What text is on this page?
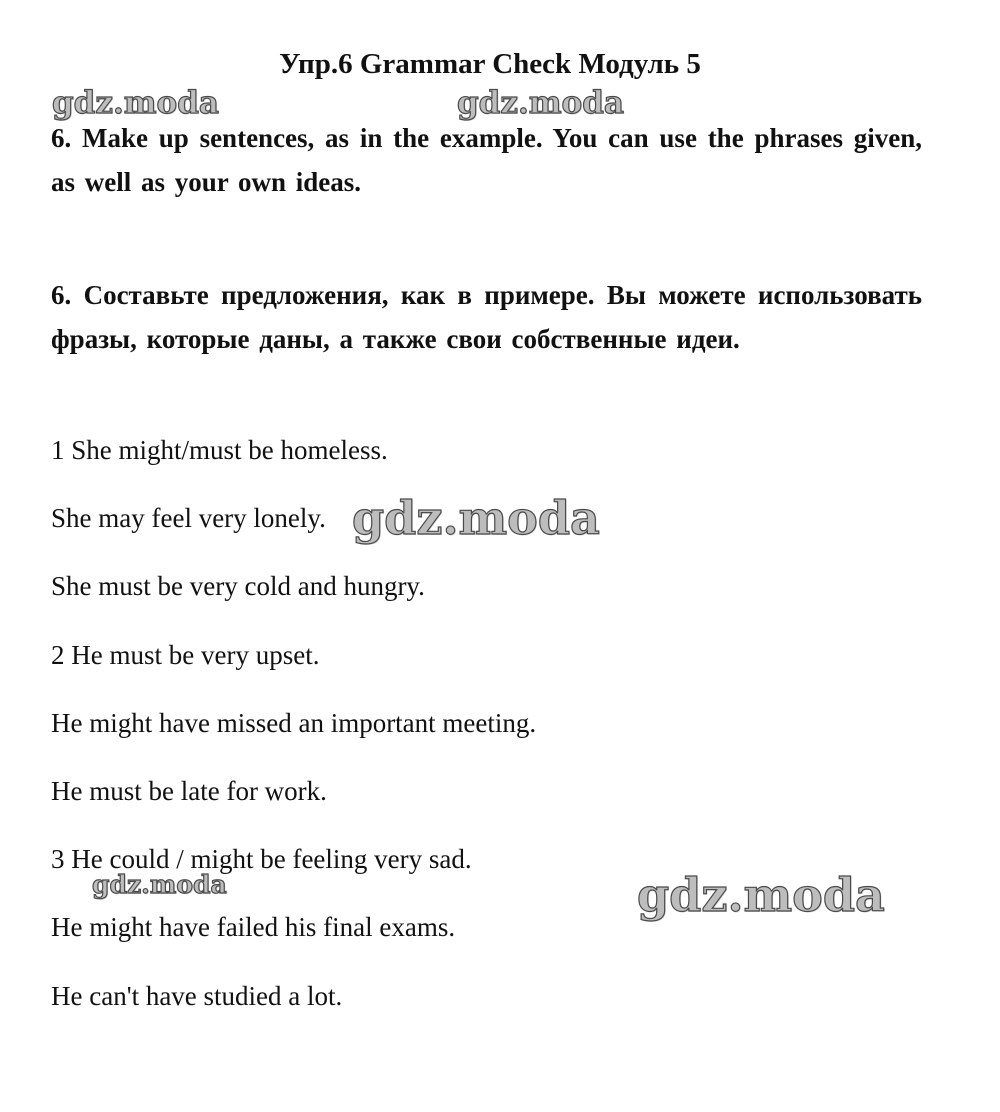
Упр.6 Grammar Check Модуль 5
gdz.moda	gdz.moda
6. Make up sentences, as in the example. You can use the phrases given, as well as your own ideas.
6. Составьте предложения, как в примере. Вы можете использовать фразы, которые даны, а также свои собственные идеи.
1 She might/must be homeless.
She may feel very lonely.
She must be very cold and hungry.
2 He must be very upset.
He might have missed an important meeting.
He must be late for work.
3 He could / might be feeling very sad.
He might have failed his final exams.
He can't have studied a lot.
gdz.moda
gdz.moda	gdz.moda
